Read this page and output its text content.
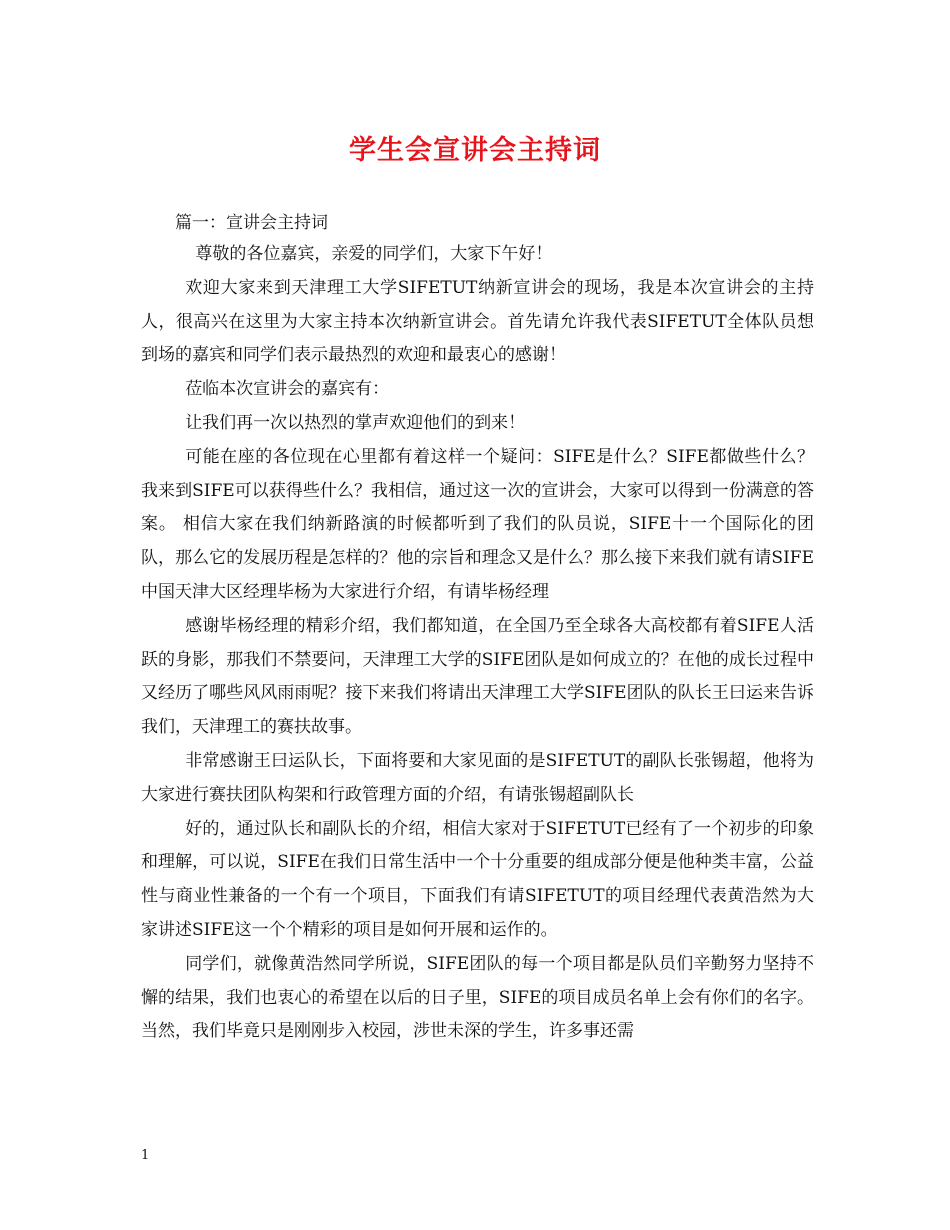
学生会宣讲会主持词
篇一：宣讲会主持词

尊敬的各位嘉宾，亲爱的同学们，大家下午好！

欢迎大家来到天津理工大学SIFETUT纳新宣讲会的现场，我是本次宣讲会的主持人，很高兴在这里为大家主持本次纳新宣讲会。首先请允许我代表SIFETUT全体队员想到场的嘉宾和同学们表示最热烈的欢迎和最衷心的感谢！

莅临本次宣讲会的嘉宾有：

让我们再一次以热烈的掌声欢迎他们的到来！

可能在座的各位现在心里都有着这样一个疑问：SIFE是什么？SIFE都做些什么？我来到SIFE可以获得些什么？我相信，通过这一次的宣讲会，大家可以得到一份满意的答案。 相信大家在我们纳新路演的时候都听到了我们的队员说，SIFE十一个国际化的团队，那么它的发展历程是怎样的？他的宗旨和理念又是什么？那么接下来我们就有请SIFE中国天津大区经理毕杨为大家进行介绍，有请毕杨经理

感谢毕杨经理的精彩介绍，我们都知道，在全国乃至全球各大高校都有着SIFE人活跃的身影，那我们不禁要问，天津理工大学的SIFE团队是如何成立的？在他的成长过程中又经历了哪些风风雨雨呢？接下来我们将请出天津理工大学SIFE团队的队长王曰运来告诉我们，天津理工的赛扶故事。

非常感谢王曰运队长，下面将要和大家见面的是SIFETUT的副队长张锡超，他将为大家进行赛扶团队构架和行政管理方面的介绍，有请张锡超副队长

好的，通过队长和副队长的介绍，相信大家对于SIFETUT已经有了一个初步的印象和理解，可以说，SIFE在我们日常生活中一个十分重要的组成部分便是他种类丰富，公益性与商业性兼备的一个有一个项目，下面我们有请SIFETUT的项目经理代表黄浩然为大家讲述SIFE这一个个精彩的项目是如何开展和运作的。

同学们，就像黄浩然同学所说，SIFE团队的每一个项目都是队员们辛勤努力坚持不懈的结果，我们也衷心的希望在以后的日子里，SIFE的项目成员名单上会有你们的名字。当然，我们毕竟只是刚刚步入校园，涉世未深的学生，许多事还需

1
